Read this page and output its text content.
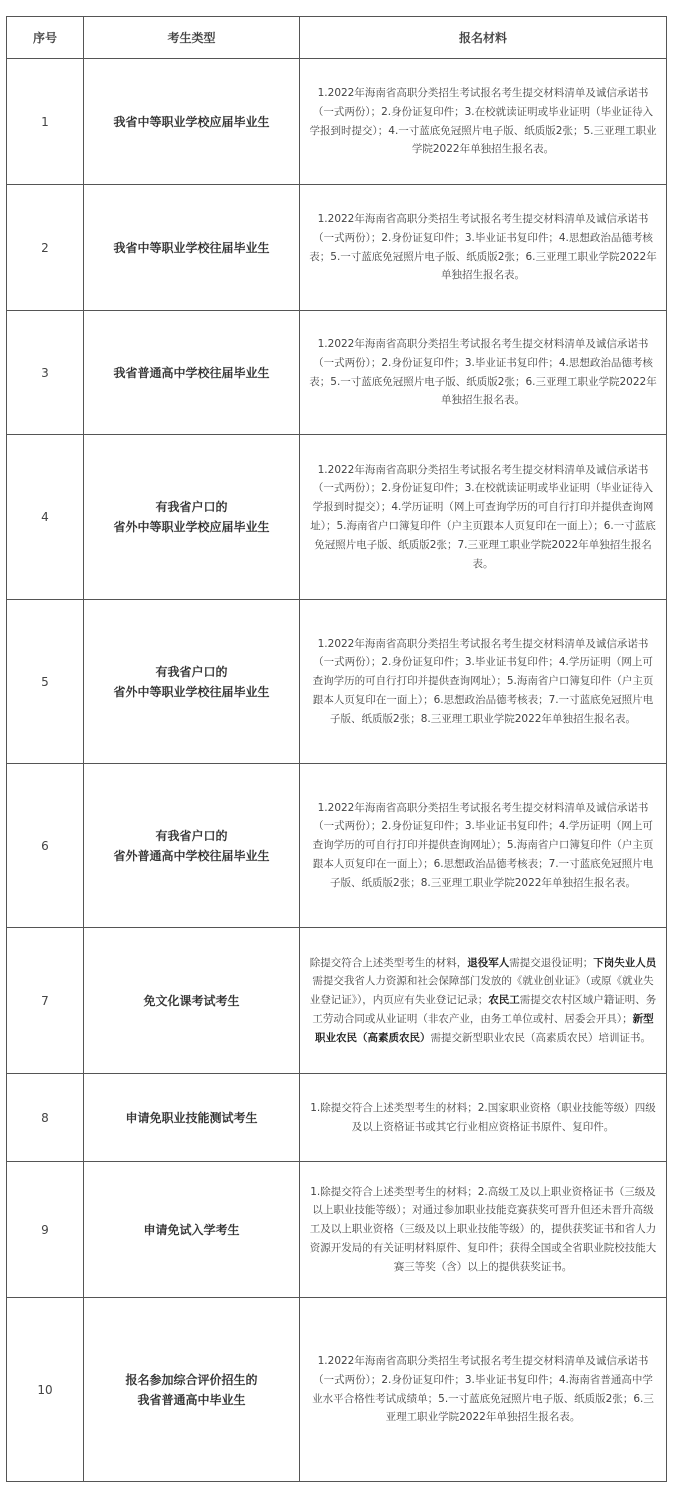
序号	考生类型	报名材料
1	我省中等职业学校应届毕业生	1.2022年海南省高职分类招生考试报名考生提交材料清单及诚信承诺书（一式两份）；2.身份证复印件；3.在校就读证明或毕业证明（毕业证待入学报到时提交）；4.一寸蓝底免冠照片电子版、纸质版2张；5.三亚理工职业学院2022年单独招生报名表。
2	我省中等职业学校往届毕业生	1.2022年海南省高职分类招生考试报名考生提交材料清单及诚信承诺书（一式两份）；2.身份证复印件；3.毕业证书复印件；4.思想政治品德考核表；5.一寸蓝底免冠照片电子版、纸质版2张；6.三亚理工职业学院2022年单独招生报名表。
3	我省普通高中学校往届毕业生	1.2022年海南省高职分类招生考试报名考生提交材料清单及诚信承诺书（一式两份）；2.身份证复印件；3.毕业证书复印件；4.思想政治品德考核表；5.一寸蓝底免冠照片电子版、纸质版2张；6.三亚理工职业学院2022年单独招生报名表。
4	有我省户口的
省外中等职业学校应届毕业生	1.2022年海南省高职分类招生考试报名考生提交材料清单及诚信承诺书（一式两份）；2.身份证复印件；3.在校就读证明或毕业证明（毕业证待入学报到时提交）；4.学历证明（网上可查询学历的可自行打印并提供查询网址）；5.海南省户口簿复印件（户主页跟本人页复印在一面上）；6.一寸蓝底免冠照片电子版、纸质版2张；7.三亚理工职业学院2022年单独招生报名表。
5	有我省户口的
省外中等职业学校往届毕业生	1.2022年海南省高职分类招生考试报名考生提交材料清单及诚信承诺书（一式两份）；2.身份证复印件；3.毕业证书复印件；4.学历证明（网上可查询学历的可自行打印并提供查询网址）；5.海南省户口簿复印件（户主页跟本人页复印在一面上）；6.思想政治品德考核表；7.一寸蓝底免冠照片电子版、纸质版2张；8.三亚理工职业学院2022年单独招生报名表。
6	有我省户口的
省外普通高中学校往届毕业生	1.2022年海南省高职分类招生考试报名考生提交材料清单及诚信承诺书（一式两份）；2.身份证复印件；3.毕业证书复印件；4.学历证明（网上可查询学历的可自行打印并提供查询网址）；5.海南省户口簿复印件（户主页跟本人页复印在一面上）；6.思想政治品德考核表；7.一寸蓝底免冠照片电子版、纸质版2张；8.三亚理工职业学院2022年单独招生报名表。
7	免文化课考试考生	除提交符合上述类型考生的材料，退役军人需提交退役证明；下岗失业人员需提交我省人力资源和社会保障部门发放的《就业创业证》（或原《就业失业登记证》），内页应有失业登记记录；农民工需提交农村区域户籍证明、务工劳动合同或从业证明（非农产业，由务工单位或村、居委会开具）；新型职业农民（高素质农民）需提交新型职业农民（高素质农民）培训证书。
8	申请免职业技能测试考生	1.除提交符合上述类型考生的材料；2.国家职业资格（职业技能等级）四级及以上资格证书或其它行业相应资格证书原件、复印件。
9	申请免试入学考生	1.除提交符合上述类型考生的材料；2.高级工及以上职业资格证书（三级及以上职业技能等级）；对通过参加职业技能竞赛获奖可晋升但还未晋升高级工及以上职业资格（三级及以上职业技能等级）的，提供获奖证书和省人力资源开发局的有关证明材料原件、复印件；获得全国或全省职业院校技能大赛三等奖（含）以上的提供获奖证书。
10	报名参加综合评价招生的
我省普通高中毕业生	1.2022年海南省高职分类招生考试报名考生提交材料清单及诚信承诺书（一式两份）；2.身份证复印件；3.毕业证书复印件；4.海南省普通高中学业水平合格性考试成绩单；5.一寸蓝底免冠照片电子版、纸质版2张；6.三亚理工职业学院2022年单独招生报名表。
